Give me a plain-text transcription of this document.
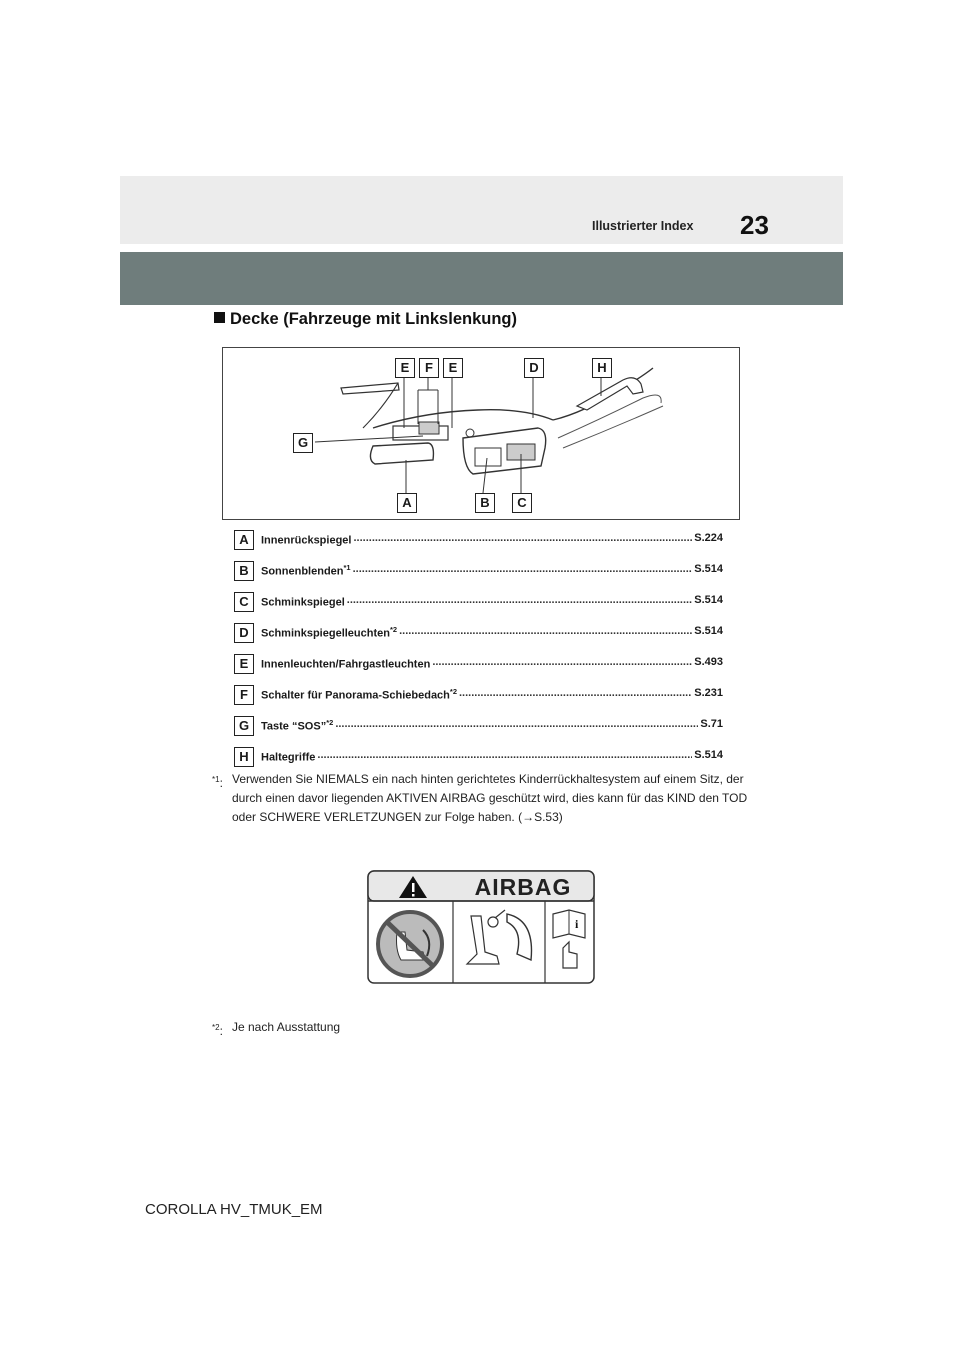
Illustrierter Index 23
Decke (Fahrzeuge mit Linkslenkung)
E	F	E	D	H
G
A	B	C
A	Innenrückspiegel .....	S.224
B	Sonnenblenden$^{*1}$ .....	S.514
C	Schminkspiegel .....	S.514
D	Schminkspiegelleuchten$^{*2}$ .....	S.514
E	Innenleuchten/Fahrgastleuchten .....	S.493
F	Schalter für Panorama-Schiebedach$^{*2}$ .....	S.231
G	Taste “SOS”$^{*2}$ .....	S.71
H	Haltegriffe .....	S.514
$^{*1}$: Verwenden Sie NIEMALS ein nach hinten gerichtetes Kinderrückhaltesystem auf einem Sitz, der durch einen davor liegenden AKTIVEN AIRBAG geschützt wird, dies kann für das KIND den TOD oder SCHWERE VERLETZUNGEN zur Folge haben. (→S.53)
i
AIRBAG
$^{*2}$: Je nach Ausstattung
COROLLA HV_TMUK_EM
